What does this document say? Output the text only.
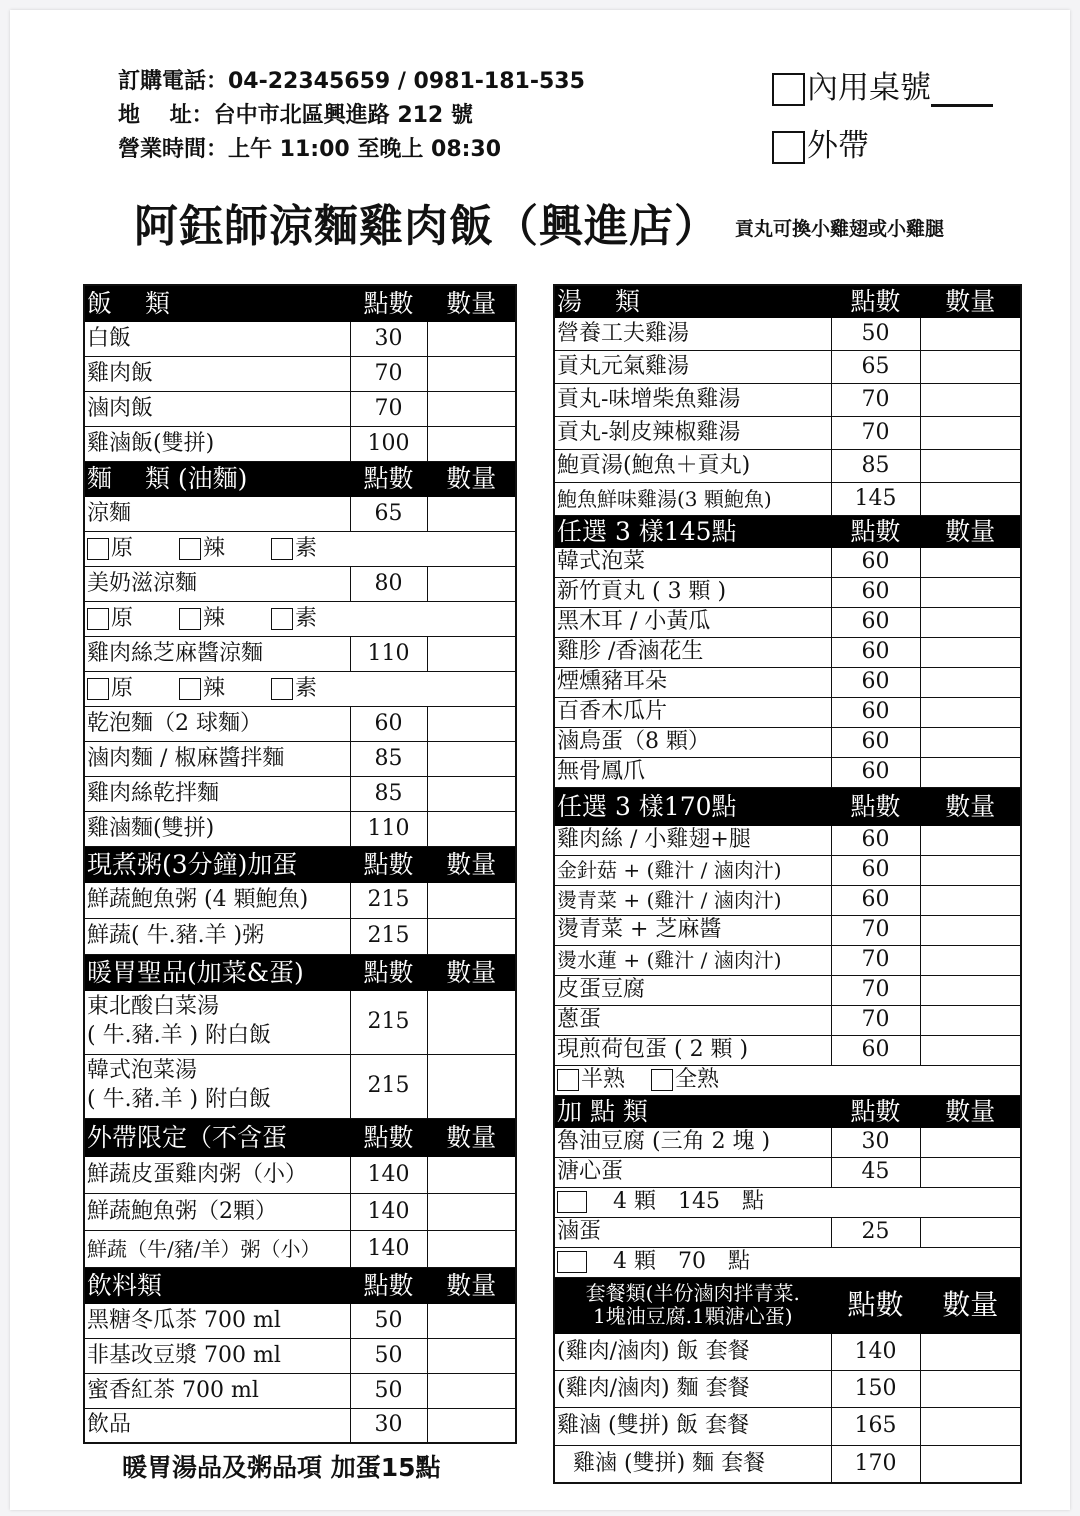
訂購電話：04-22345659 / 0981-181-535
地　 址：台中市北區興進路 212 號
營業時間：上午 11:00 至晚上 08:30
內用桌號
外帶
阿鈺師涼麵雞肉飯（興進店） 貢丸可換小雞翅或小雞腿
飯　 類	點數	數量
白飯	30	
雞肉飯	70	
滷肉飯	70	
雞滷飯(雙拼)	100	
麵　 類 (油麵)	點數	數量
涼麵	65	
原 辣 素		
美奶滋涼麵	80	
原 辣 素		
雞肉絲芝麻醬涼麵	110	
原 辣 素		
乾泡麵（2 球麵）	60	
滷肉麵 / 椒麻醬拌麵	85	
雞肉絲乾拌麵	85	
雞滷麵(雙拼)	110	
現煮粥(3分鐘)加蛋	點數	數量
鮮蔬鮑魚粥 (4 顆鮑魚)	215	
鮮蔬( 牛.豬.羊 )粥	215	
暖胃聖品(加菜&蛋)	點數	數量
東北酸白菜湯
( 牛.豬.羊 ) 附白飯	215	
韓式泡菜湯
( 牛.豬.羊 ) 附白飯	215	
外帶限定（不含蛋	點數	數量
鮮蔬皮蛋雞肉粥（小）	140	
鮮蔬鮑魚粥（2顆）	140	
鮮蔬（牛/豬/羊）粥（小）	140	
飲料類	點數	數量
黑糖冬瓜茶 700 ml	50	
非基改豆漿 700 ml	50	
蜜香紅茶 700 ml	50	
飲品	30	
暖胃湯品及粥品項 加蛋15點
湯　 類	點數	數量
營養工夫雞湯	50	
貢丸元氣雞湯	65	
貢丸-味增柴魚雞湯	70	
貢丸-剝皮辣椒雞湯	70	
鮑貢湯(鮑魚＋貢丸)	85	
鮑魚鮮味雞湯(3 顆鮑魚)	145	
任選 3 樣145點	點數	數量
韓式泡菜	60	
新竹貢丸 ( 3 顆 )	60	
黑木耳 / 小黃瓜	60	
雞胗 /香滷花生	60	
煙燻豬耳朵	60	
百香木瓜片	60	
滷鳥蛋（8 顆）	60	
無骨鳳爪	60	
任選 3 樣170點	點數	數量
雞肉絲 / 小雞翅+腿	60	
金針菇 + (雞汁 / 滷肉汁)	60	
燙青菜 + (雞汁 / 滷肉汁)	60	
燙青菜 + 芝麻醬	70	
燙水蓮 + (雞汁 / 滷肉汁)	70	
皮蛋豆腐	70	
蔥蛋	70	
現煎荷包蛋 ( 2 顆 )	60	
半熟 全熟		
加 點 類	點數	數量
魯油豆腐 (三角 2 塊 )	30	
溏心蛋	45	
4 顆　145　點		
滷蛋	25	
4 顆　70　點		
套餐類(半份滷肉拌青菜.
1塊油豆腐.1顆溏心蛋)	點數	數量
(雞肉/滷肉) 飯 套餐	140	
(雞肉/滷肉) 麵 套餐	150	
雞滷 (雙拼) 飯 套餐	165	
雞滷 (雙拼) 麵 套餐	170	
